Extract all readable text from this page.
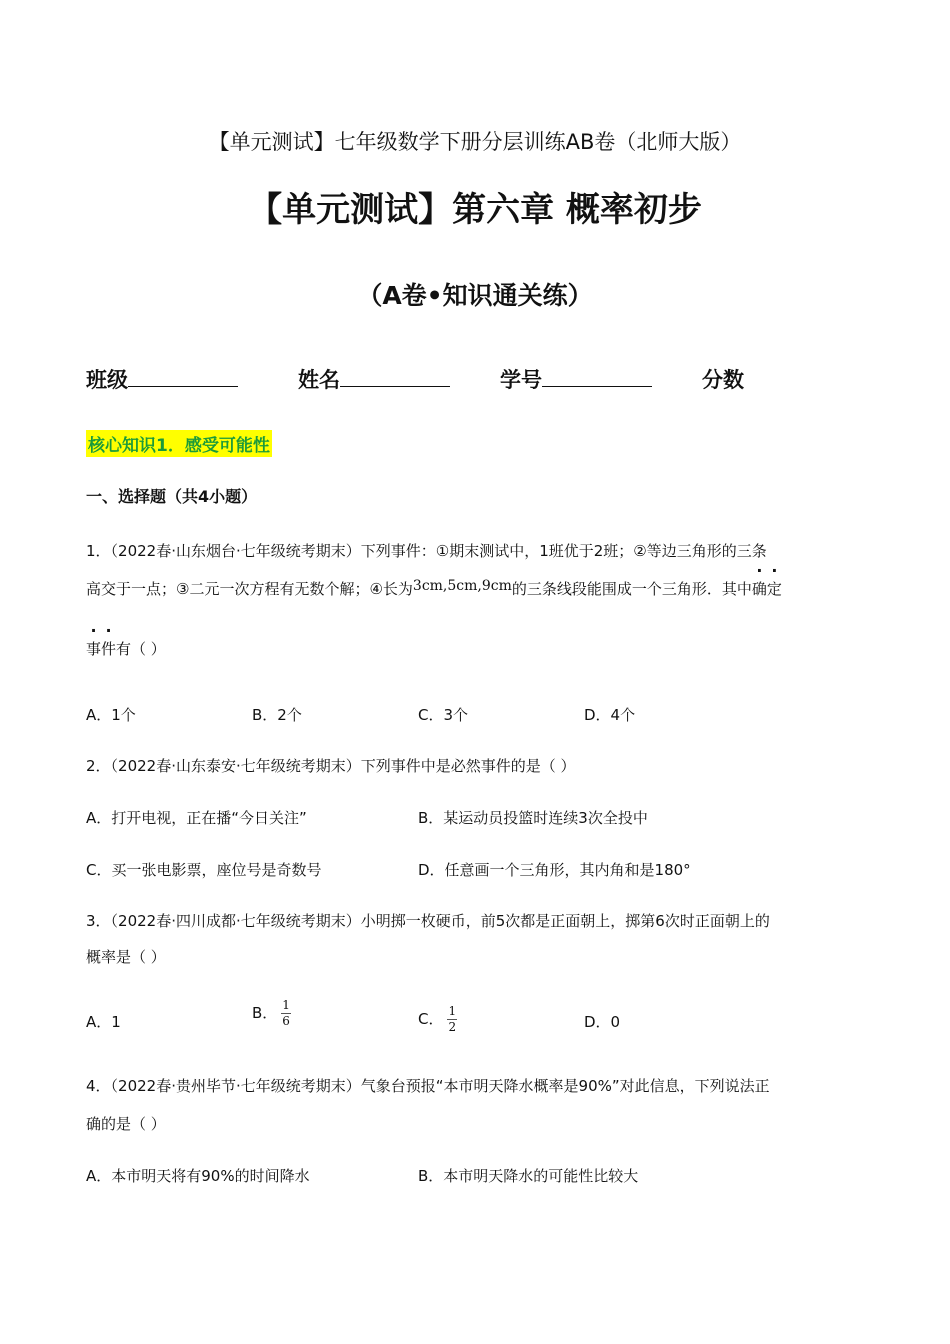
【单元测试】七年级数学下册分层训练AB卷（北师大版）
【单元测试】第六章 概率初步
（A卷•知识通关练）
班级	姓名	学号	分数
核心知识1．感受可能性
一、选择题（共4小题）
1．（2022春·山东烟台·七年级统考期末）下列事件：①期末测试中，1班优于2班；②等边三角形的三条
高交于一点；③二元一次方程有无数个解；④长为3cm,5cm,9cm的三条线段能围成一个三角形．其中确定
事件有（ ）
A．1个	B．2个	C．3个	D．4个
2．（2022春·山东泰安·七年级统考期末）下列事件中是必然事件的是（ ）
A．打开电视，正在播“今日关注”	B．某运动员投篮时连续3次全投中
C．买一张电影票，座位号是奇数号	D．任意画一个三角形，其内角和是180°
3．（2022春·四川成都·七年级统考期末）小明掷一枚硬币，前5次都是正面朝上，掷第6次时正面朝上的
概率是（ ）
A．1	B． $\frac{1}{6}$	C． $\frac{1}{2}$	D．0
4．（2022春·贵州毕节·七年级统考期末）气象台预报“本市明天降水概率是90%”对此信息，下列说法正
确的是（ ）
A．本市明天将有90%的时间降水	B．本市明天降水的可能性比较大
